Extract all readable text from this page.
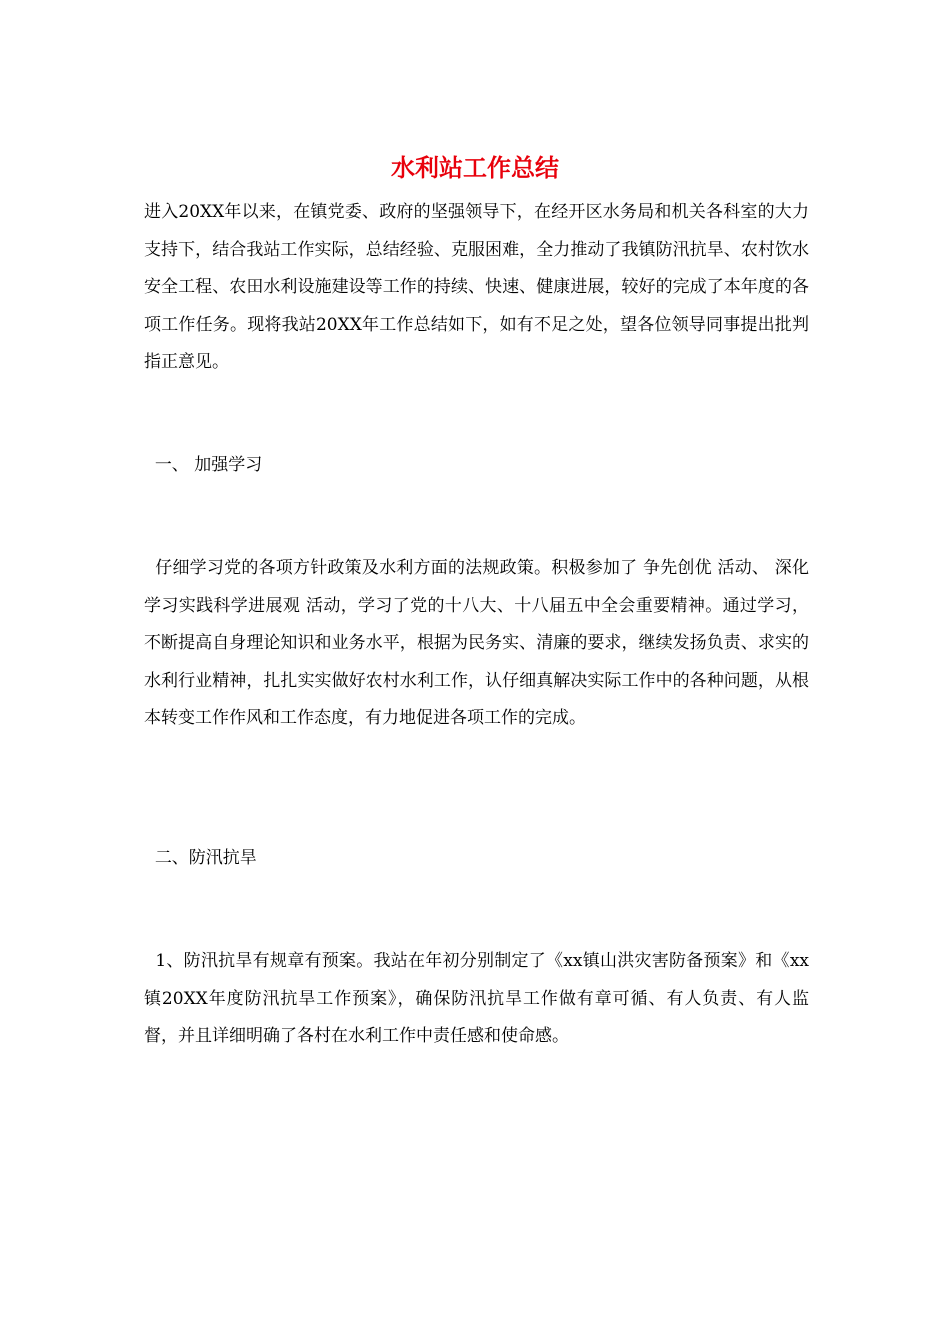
水利站工作总结

进入20XX年以来，在镇党委、政府的坚强领导下，在经开区水务局和机关各科室的大力支持下，结合我站工作实际，总结经验、克服困难，全力推动了我镇防汛抗旱、农村饮水安全工程、农田水利设施建设等工作的持续、快速、健康进展，较好的完成了本年度的各项工作任务。现将我站20XX年工作总结如下，如有不足之处，望各位领导同事提出批判指正意见。

一、 加强学习

仔细学习党的各项方针政策及水利方面的法规政策。积极参加了 争先创优 活动、 深化学习实践科学进展观 活动，学习了党的十八大、十八届五中全会重要精神。通过学习，不断提高自身理论知识和业务水平，根据为民务实、清廉的要求，继续发扬负责、求实的水利行业精神，扎扎实实做好农村水利工作，认仔细真解决实际工作中的各种问题，从根本转变工作作风和工作态度，有力地促进各项工作的完成。

二、防汛抗旱

1、防汛抗旱有规章有预案。我站在年初分别制定了《xx镇山洪灾害防备预案》和《xx镇20XX年度防汛抗旱工作预案》，确保防汛抗旱工作做有章可循、有人负责、有人监督，并且详细明确了各村在水利工作中责任感和使命感。
